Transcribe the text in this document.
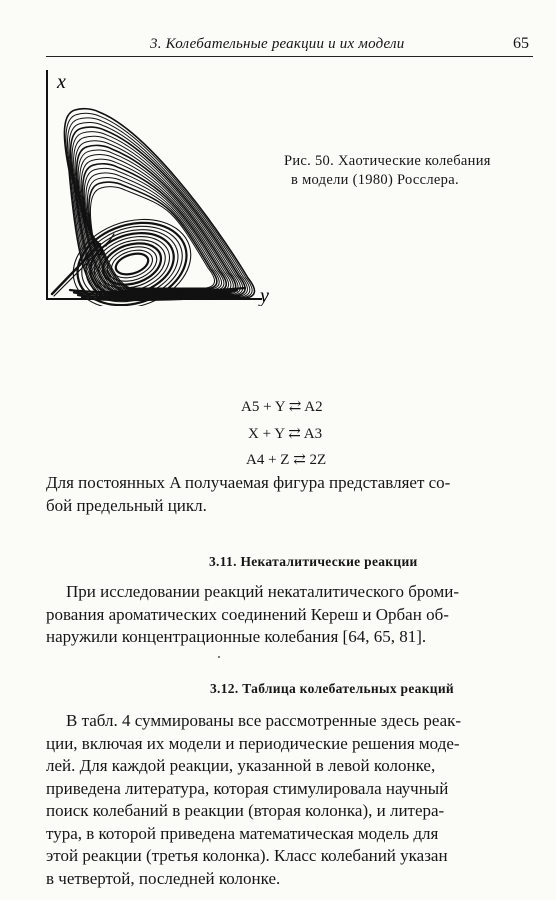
3. Колебательные реакции и их модели	65
x
y
z
Рис. 50. Хаотические колебания
в модели (1980) Росслера.
A5 + Y ⇄ A2
X + Y ⇄ A3
A4 + Z ⇄ 2Z
Для постоянных A получаемая фигура представляет со-
бой предельный цикл.
3.11. Некаталитические реакции
При исследовании реакций некаталитического броми-
рования ароматических соединений Кереш и Орбан об-
наружили концентрационные колебания [64, 65, 81].
3.12. Таблица колебательных реакций
В табл. 4 суммированы все рассмотренные здесь реак-
ции, включая их модели и периодические решения моде-
лей. Для каждой реакции, указанной в левой колонке,
приведена литература, которая стимулировала научный
поиск колебаний в реакции (вторая колонка), и литера-
тура, в которой приведена математическая модель для
этой реакции (третья колонка). Класс колебаний указан
в четвертой, последней колонке.
